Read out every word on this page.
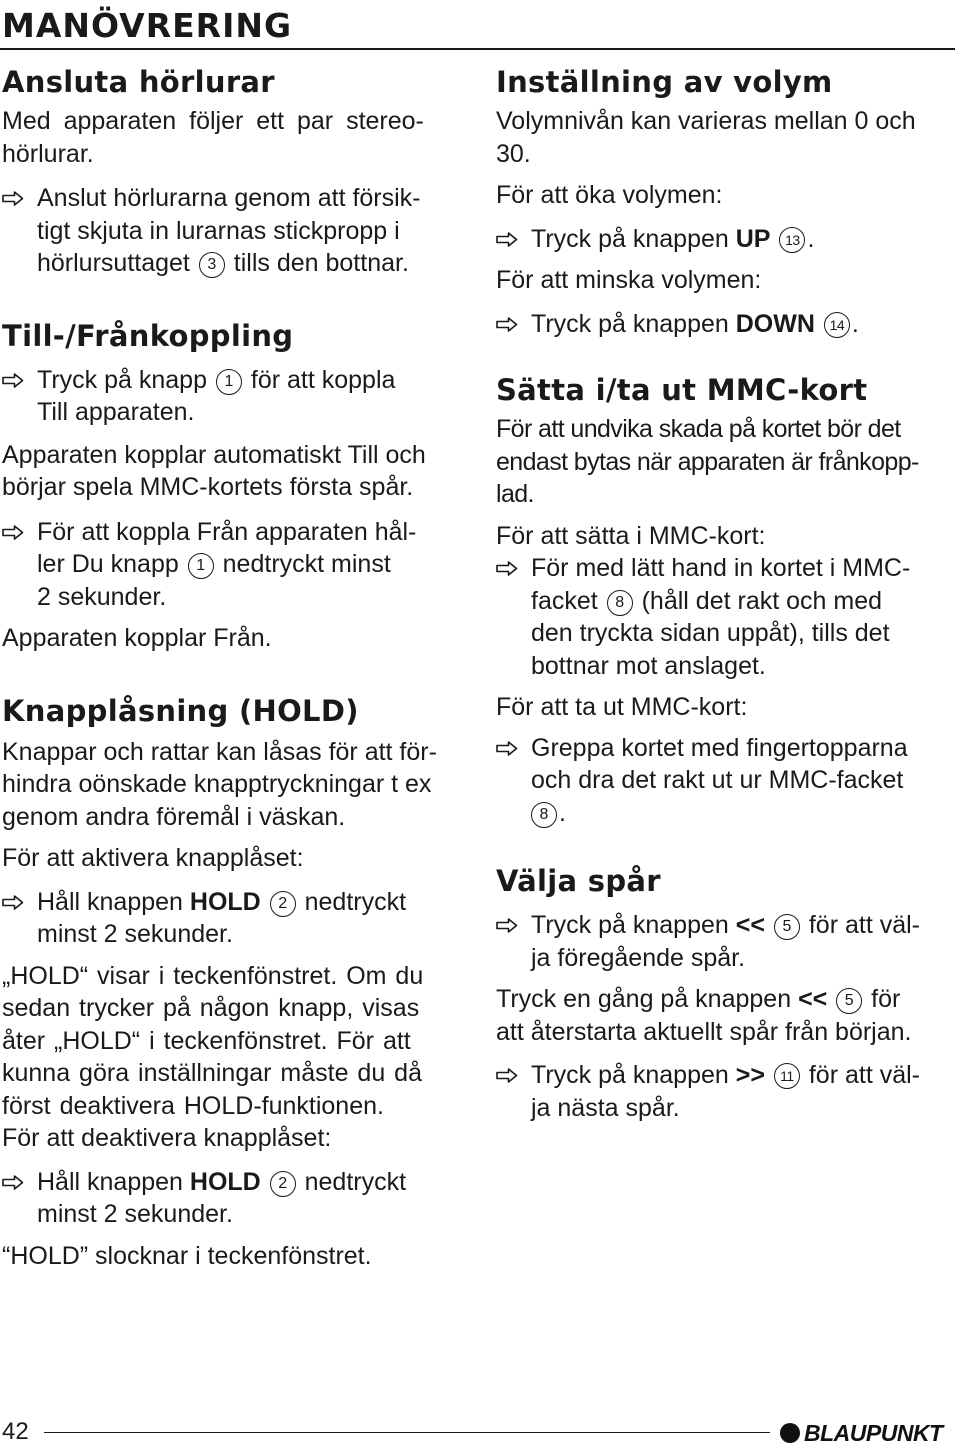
MANÖVRERING
Ansluta hörlurar

Med apparaten följer ett par stereo-
hörlurar.

Anslut hörlurarna genom att försik-
tigt skjuta in lurarnas stickpropp i
hörlursuttaget 3 tills den bottnar.
Till-/Frånkoppling
Tryck på knapp 1 för att koppla
Till apparaten.

Apparaten kopplar automatiskt Till och
börjar spela MMC-kortets första spår.

För att koppla Från apparaten hål-
ler Du knapp 1 nedtryckt minst
2 sekunder.

Apparaten kopplar Från.

Knapplåsning (HOLD)

Knappar och rattar kan låsas för att för-
hindra oönskade knapptryckningar t ex
genom andra föremål i väskan.

För att aktivera knapplåset:

Håll knappen HOLD 2 nedtryckt
minst 2 sekunder.

„HOLD“ visar i teckenfönstret. Om du
sedan trycker på någon knapp, visas
åter „HOLD“ i teckenfönstret. För att
kunna göra inställningar måste du då
först deaktivera HOLD-funktionen.

För att deaktivera knapplåset:

Håll knappen HOLD 2 nedtryckt
minst 2 sekunder.

“HOLD” slocknar i teckenfönstret.

Inställning av volym

Volymnivån kan varieras mellan 0 och
30.

För att öka volymen:

Tryck på knappen UP 13 .

För att minska volymen:

Tryck på knappen DOWN 14 .
Sätta i/ta ut MMC-kort

För att undvika skada på kortet bör det
endast bytas när apparaten är frånkopp-
lad.

För att sätta i MMC-kort:

För med lätt hand in kortet i MMC-
facket 8 (håll det rakt och med
den tryckta sidan uppåt), tills det
bottnar mot anslaget.

För att ta ut MMC-kort:

Greppa kortet med fingertopparna
och dra det rakt ut ur MMC-facket
8 .
Välja spår
Tryck på knappen << 5 för att väl-
ja föregående spår.

Tryck en gång på knappen << 5 för
att återstarta aktuellt spår från början.

Tryck på knappen >> 11 för att väl-
ja nästa spår.
42	BLAUPUNKT
